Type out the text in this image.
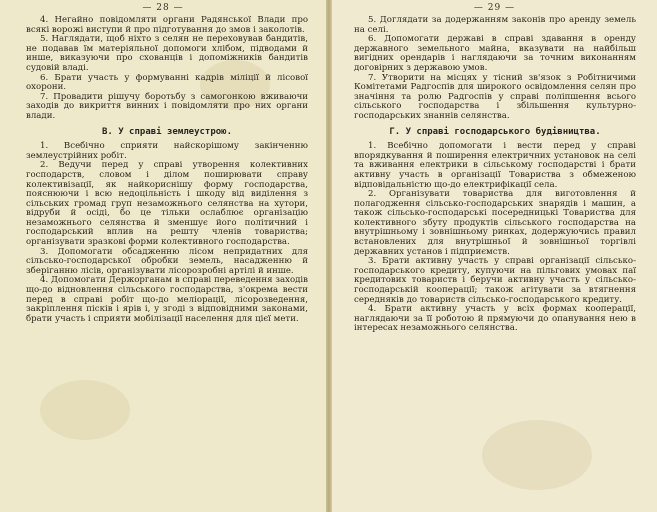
— 28 —

4. Негайно повідомляти органи Радянської Влади про всякі ворожі виступи й про підготування до змов і заколотів.

5. Наглядати, щоб ніхто з селян не переховував бандитів, не подавав їм матеріяльної допомоги хлібом, підводами й инше, виказуючи про схованців і допоміжників бандитів судовій владі.

6. Брати участь у формуванні кадрів міліції й лісової охорони.

7. Провадити рішучу боротьбу з самогонкою вживаючи заходів до викриття винних і повідомляти про них органи влади.

В. У справі землеустрою.

1. Всебічно сприяти найскорішому закінченню землеустрійних робіт.

2. Ведучи перед у справі утворення колективних господарств, словом і ділом поширювати справу колективізації, як найкориснішу форму господарства, пояснюючи і всю недоцільність і шкоду від виділення з сільських громад груп незаможнього селянства на хутори, відруби й осіді, бо це тільки ослаблює організацію незаможнього селянства й зменшує його політичний і господарський вплив на решту членів товариства; організувати зразкові форми колективного господарства.

3. Допомогати обсадженню лісом непридатних для сільсько-господарської обробки земель, насадженню й зберіганню лісів, організувати лісорозробні артілі й инше.

4. Допомогати Держорганам в справі переведення заходів що-до відновлення сільського господарства, з'окрема вести перед в справі робіт що-до меліорації, лісорозведення, закріплення пісків і ярів і, у згоді з відповідними законами, брати участь і сприяти мобілізації населення для цієї мети.

— 29 —

5. Доглядати за додержанням законів про аренду земель на селі.

6. Допомогати державі в справі здавання в оренду державного земельного майна, вказувати на найбільш вигідних орендарів і наглядаючи за точним виконанням договірних з державою умов.

7. Утворити на місцях у тісний зв'язок з Робітничими Комітетами Радгоспів для широкого освідомлення селян про значіння та ролю Радгоспів у справі поліпшення всього сільського господарства і збільшення культурно-господарських знаннів селянства.

Г. У справі господарського будівництва.

1. Всебічно допомогати і вести перед у справі впорядкування й поширення електричних установок на селі та вживання електрики в сільському господарстві і брати активну участь в організації Товариства з обмеженою відповідальністю що-до електрифікації села.

2. Організувати товариства для виготовлення й полагодження сільсько-господарських знарядів і машин, а також сільсько-господарські посередницькі Товариства для колективного збуту продуктів сільського господарства на внутрішньому і зовнішньому ринках, додержуючись правил встановлених для внутрішньої й зовнішньої торгівлі державних установ і підприємств.

3. Брати активну участь у справі організації сільсько-господарського кредиту, купуючи на пільгових умовах паї кредитових товариств і беручи активну участь у сільсько-господарській кооперації; також агітувати за втягнення середняків до товариств сільсько-господарського кредиту.

4. Брати активну участь у всіх формах кооперації, наглядаючи за її роботою й прямуючи до опанування нею в інтересах незаможнього селянства.
